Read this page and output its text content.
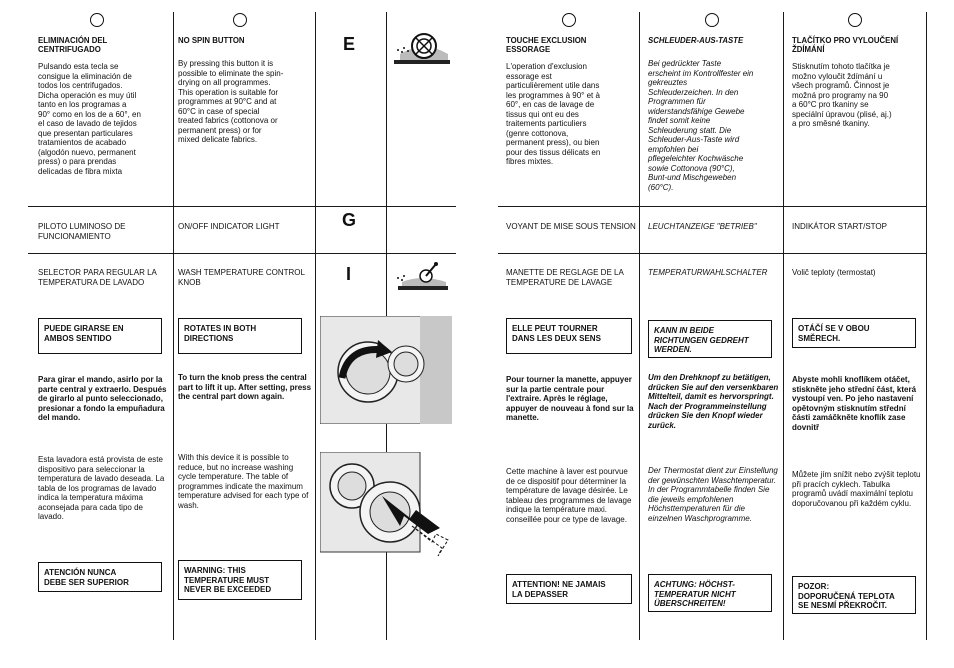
ELIMINACIÓN DEL
CENTRIFUGADO
Pulsando esta tecla se
consigue la eliminación de
todos los centrifugados.
Dicha operación es muy útil
tanto en los programas a
90° como en los de a 60°, en
el caso de lavado de tejidos
que presentan particulares
tratamientos de acabado
(algodón nuevo, permanent
press) o para prendas
delicadas de fibra mixta
PILOTO LUMINOSO DE FUNCIONAMIENTO
SELECTOR PARA REGULAR LA TEMPERATURA DE LAVADO
PUEDE GIRARSE EN
AMBOS SENTIDO
Para girar el mando, asirlo por la parte central y extraerlo. Después de girarlo al punto seleccionado, presionar a fondo la empuñadura del mando.
Esta lavadora está provista de este dispositivo para seleccionar la temperatura de lavado deseada. La tabla de los programas de lavado indica la temperatura máxima aconsejada para cada tipo de lavado.
ATENCIÓN NUNCA
DEBE SER SUPERIOR
NO SPIN BUTTON
By pressing this button it is
possible to eliminate the spin-
drying on all programmes.
This operation is suitable for
programmes at 90°C and at
60°C in case of special
treated fabrics (cottonova or
permanent press) or for
mixed delicate fabrics.
ON/OFF INDICATOR LIGHT
WASH TEMPERATURE CONTROL KNOB
ROTATES IN BOTH
DIRECTIONS
To turn the knob press the central part to lift it up. After setting, press the central part down again.
With this device it is possible to reduce, but no increase washing cycle temperature. The table of programmes indicate the maximum temperature advised for each type of wash.
WARNING: THIS
TEMPERATURE MUST
NEVER BE EXCEEDED
E
G
I
TOUCHE EXCLUSION
ESSORAGE
L'operation d'exclusion
essorage est
particulièrement utile dans
les programmes à 90° et à
60°, en cas de lavage de
tissus qui ont eu des
traitements particuliers
(genre cottonova,
permanent press), ou bien
pour des tissus délicats en
fibres mixtes.
VOYANT DE MISE SOUS TENSION
MANETTE DE REGLAGE DE LA TEMPERATURE DE LAVAGE
ELLE PEUT TOURNER
DANS LES DEUX SENS
Pour tourner la manette, appuyer sur la partie centrale pour l'extraire. Après le réglage, appuyer de nouveau à fond sur la manette.
Cette machine à laver est pourvue de ce dispositif pour déterminer la température de lavage désirée. Le tableau des programmes de lavage indique la température maxi. conseillée pour ce type de lavage.
ATTENTION! NE JAMAIS
LA DEPASSER
SCHLEUDER-AUS-TASTE
Bei gedrückter Taste
erscheint im Kontrollfester ein
gekreuztes
Schleuderzeichen. In den
Programmen für
widerstandsfähige Gewebe
findet somit keine
Schleuderung statt. Die
Schleuder-Aus-Taste wird
empfohlen bei
pflegeleichter Kochwäsche
sowie Cottonova (90°C),
Bunt-und Mischgeweben
(60°C).
LEUCHTANZEIGE "BETRIEB"
TEMPERATURWAHLSCHALTER
KANN IN BEIDE
RICHTUNGEN GEDREHT
WERDEN.
Um den Drehknopf zu betätigen, drücken Sie auf den versenkbaren Mittelteil, damit es hervorspringt. Nach der Programmeinstellung drücken Sie den Knopf wieder zurück.
Der Thermostat dient zur Einstellung der gewünschten Waschtemperatur. In der Programmtabelle finden Sie die jeweils empfohlenen Höchsttemperaturen für die einzelnen Waschprogramme.
ACHTUNG: HÖCHST-
TEMPERATUR NICHT
ÜBERSCHREITEN!
TLAČÍTKO PRO VYLOUČENÍ
ŽDÍMÁNÍ
Stisknutím tohoto tlačítka je
možno vyloučit ždímání u
všech programů. Činnost je
možná pro programy na 90
a 60°C pro tkaniny se
speciální úpravou (plisé, aj.)
a pro směsné tkaniny.
INDIKÁTOR START/STOP
Volič teploty (termostat)
OTÁČÍ SE V OBOU
SMĚRECH.
Abyste mohli knoflíkem otáčet, stiskněte jeho střední část, která vystoupí ven. Po jeho nastavení opětovným stisknutím střední části zamáčkněte knoflík zase dovnitř
Můžete jím snížit nebo zvýšit teplotu při pracích cyklech. Tabulka programů uvádí maximální teplotu doporučovanou při každém cyklu.
POZOR:
DOPORUČENÁ TEPLOTA
SE NESMÍ PŘEKROČIT.
